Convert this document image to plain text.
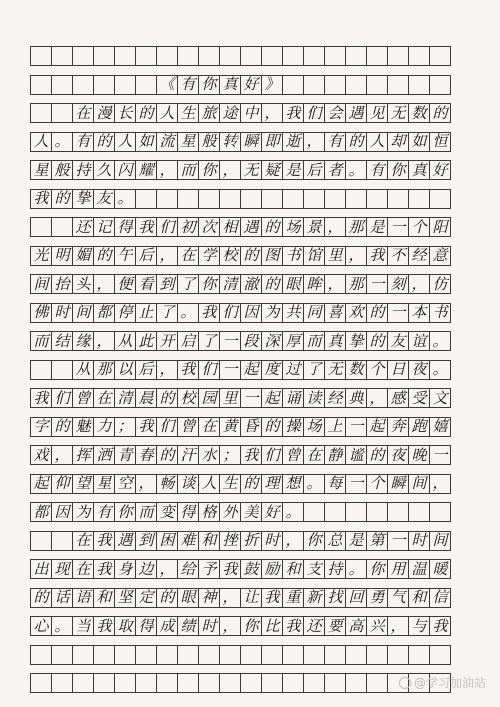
《 有 你 真 好 》
在 漫 长 的 人 生 旅 途 中 ， 我 们 会 遇 见 无 数 的
人 。 有 的 人 如 流 星 般 转 瞬 即 逝 ， 有 的 人 却 如 恒
星 般 持 久 闪 耀 ， 而 你 ， 无 疑 是 后 者 。 有 你 真 好
我 的 挚 友 。
还 记 得 我 们 初 次 相 遇 的 场 景 ， 那 是 一 个 阳
光 明 媚 的 午 后 ， 在 学 校 的 图 书 馆 里 ， 我 不 经 意
间 抬 头 ， 便 看 到 了 你 清 澈 的 眼 眸 ， 那 一 刻 ， 仿
佛 时 间 都 停 止 了 。 我 们 因 为 共 同 喜 欢 的 一 本 书
而 结 缘 ， 从 此 开 启 了 一 段 深 厚 而 真 挚 的 友 谊 。
从 那 以 后 ， 我 们 一 起 度 过 了 无 数 个 日 夜 。
我 们 曾 在 清 晨 的 校 园 里 一 起 诵 读 经 典 ， 感 受 文
字 的 魅 力 ； 我 们 曾 在 黄 昏 的 操 场 上 一 起 奔 跑 嬉
戏 ， 挥 洒 青 春 的 汗 水 ； 我 们 曾 在 静 谧 的 夜 晚 一
起 仰 望 星 空 ， 畅 谈 人 生 的 理 想 。 每 一 个 瞬 间 ，
都 因 为 有 你 而 变 得 格 外 美 好 。
在 我 遇 到 困 难 和 挫 折 时 ， 你 总 是 第 一 时 间
出 现 在 我 身 边 ， 给 予 我 鼓 励 和 支 持 。 你 用 温 暖
的 话 语 和 坚 定 的 眼 神 ， 让 我 重 新 找 回 勇 气 和 信
心 。 当 我 取 得 成 绩 时 ， 你 比 我 还 要 高 兴 ， 与 我
@学习加油站
